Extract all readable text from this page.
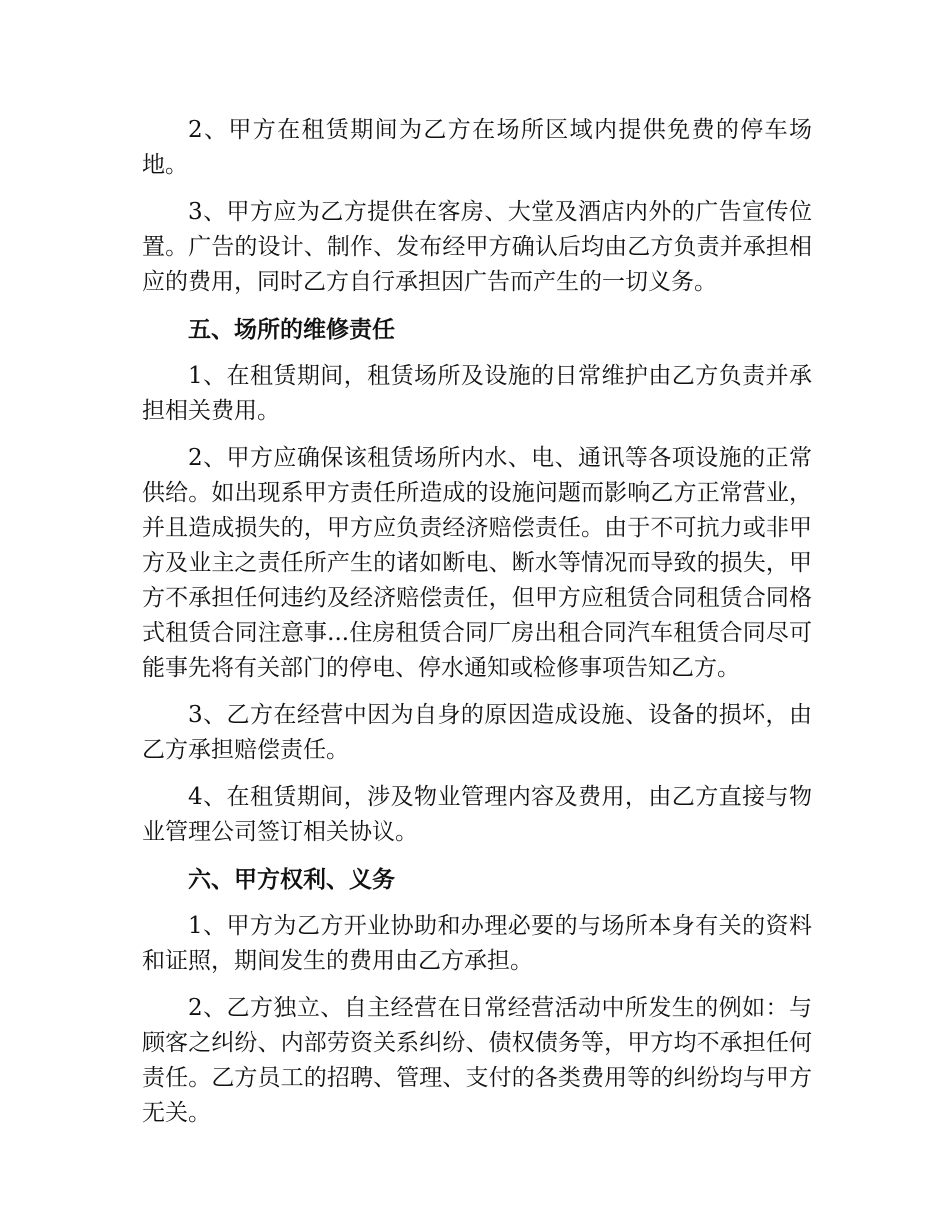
2、甲方在租赁期间为乙方在场所区域内提供免费的停车场地。

3、甲方应为乙方提供在客房、大堂及酒店内外的广告宣传位置。广告的设计、制作、发布经甲方确认后均由乙方负责并承担相应的费用，同时乙方自行承担因广告而产生的一切义务。

五、场所的维修责任

1、在租赁期间，租赁场所及设施的日常维护由乙方负责并承担相关费用。

2、甲方应确保该租赁场所内水、电、通讯等各项设施的正常供给。如出现系甲方责任所造成的设施问题而影响乙方正常营业，并且造成损失的，甲方应负责经济赔偿责任。由于不可抗力或非甲方及业主之责任所产生的诸如断电、断水等情况而导致的损失，甲方不承担任何违约及经济赔偿责任，但甲方应租赁合同租赁合同格式租赁合同注意事...住房租赁合同厂房出租合同汽车租赁合同尽可能事先将有关部门的停电、停水通知或检修事项告知乙方。

3、乙方在经营中因为自身的原因造成设施、设备的损坏，由乙方承担赔偿责任。

4、在租赁期间，涉及物业管理内容及费用，由乙方直接与物业管理公司签订相关协议。

六、甲方权利、义务

1、甲方为乙方开业协助和办理必要的与场所本身有关的资料和证照，期间发生的费用由乙方承担。

2、乙方独立、自主经营在日常经营活动中所发生的例如：与顾客之纠纷、内部劳资关系纠纷、债权债务等，甲方均不承担任何责任。乙方员工的招聘、管理、支付的各类费用等的纠纷均与甲方无关。
